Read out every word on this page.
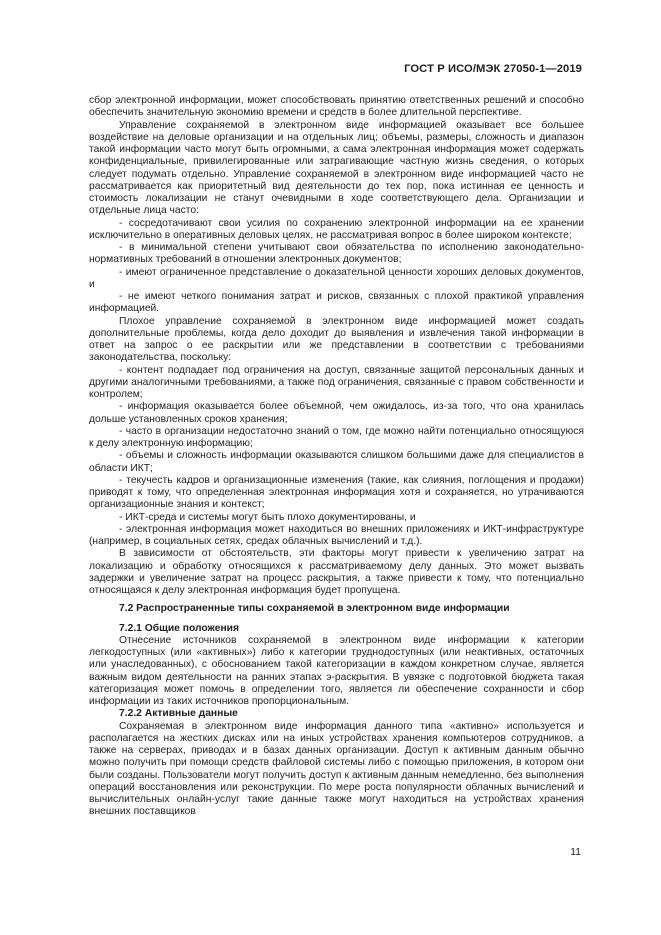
ГОСТ Р ИСО/МЭК 27050-1—2019

сбор электронной информации, может способствовать принятию ответственных решений и способно обеспечить значительную экономию времени и средств в более длительной перспективе.

Управление сохраняемой в электронном виде информацией оказывает все большее воздействие на деловые организации и на отдельных лиц; объемы, размеры, сложность и диапазон такой информации часто могут быть огромными, а сама электронная информация может содержать конфиденциальные, привилегированные или затрагивающие частную жизнь сведения, о которых следует подумать отдельно. Управление сохраняемой в электронном виде информацией часто не рассматривается как приоритетный вид деятельности до тех пор, пока истинная ее ценность и стоимость локализации не станут очевидными в ходе соответствующего дела. Организации и отдельные лица часто:

- сосредотачивают свои усилия по сохранению электронной информации на ее хранении исключительно в оперативных деловых целях, не рассматривая вопрос в более широком контексте;

- в минимальной степени учитывают свои обязательства по исполнению законодательно-нормативных требований в отношении электронных документов;

- имеют ограниченное представление о доказательной ценности хороших деловых документов, и

- не имеют четкого понимания затрат и рисков, связанных с плохой практикой управления информацией.

Плохое управление сохраняемой в электронном виде информацией может создать дополнительные проблемы, когда дело доходит до выявления и извлечения такой информации в ответ на запрос о ее раскрытии или же представлении в соответствии с требованиями законодательства, поскольку:

- контент подпадает под ограничения на доступ, связанные защитой персональных данных и другими аналогичными требованиями, а также под ограничения, связанные с правом собственности и контролем;

- информация оказывается более объемной, чем ожидалось, из-за того, что она хранилась дольше установленных сроков хранения;

- часто в организации недостаточно знаний о том, где можно найти потенциально относящуюся к делу электронную информацию;

- объемы и сложность информации оказываются слишком большими даже для специалистов в области ИКТ;

- текучесть кадров и организационные изменения (такие, как слияния, поглощения и продажи) приводят к тому, что определенная электронная информация хотя и сохраняется, но утрачиваются организационные знания и контекст;

- ИКТ-среда и системы могут быть плохо документированы, и

- электронная информация может находиться во внешних приложениях и ИКТ-инфраструктуре (например, в социальных сетях, средах облачных вычислений и т.д.).

В зависимости от обстоятельств, эти факторы могут привести к увеличению затрат на локализацию и обработку относящихся к рассматриваемому делу данных. Это может вызвать задержки и увеличение затрат на процесс раскрытия, а также привести к тому, что потенциально относящаяся к делу электронная информация будет пропущена.

7.2 Распространенные типы сохраняемой в электронном виде информации
7.2.1 Общие положения

Отнесение источников сохраняемой в электронном виде информации к категории легкодоступных (или «активных») либо к категории труднодоступных (или неактивных, остаточных или унаследованных), с обоснованием такой категоризации в каждом конкретном случае, является важным видом деятельности на ранних этапах э-раскрытия. В увязке с подготовкой бюджета такая категоризация может помочь в определении того, является ли обеспечение сохранности и сбор информации из таких источников пропорциональным.

7.2.2 Активные данные

Сохраняемая в электронном виде информация данного типа «активно» используется и располагается на жестких дисках или на иных устройствах хранения компьютеров сотрудников, а также на серверах, приводах и в базах данных организации. Доступ к активным данным обычно можно получить при помощи средств файловой системы либо с помощью приложения, в котором они были созданы. Пользователи могут получить доступ к активным данным немедленно, без выполнения операций восстановления или реконструкции. По мере роста популярности облачных вычислений и вычислительных онлайн-услуг такие данные также могут находиться на устройствах хранения внешних поставщиков

11
